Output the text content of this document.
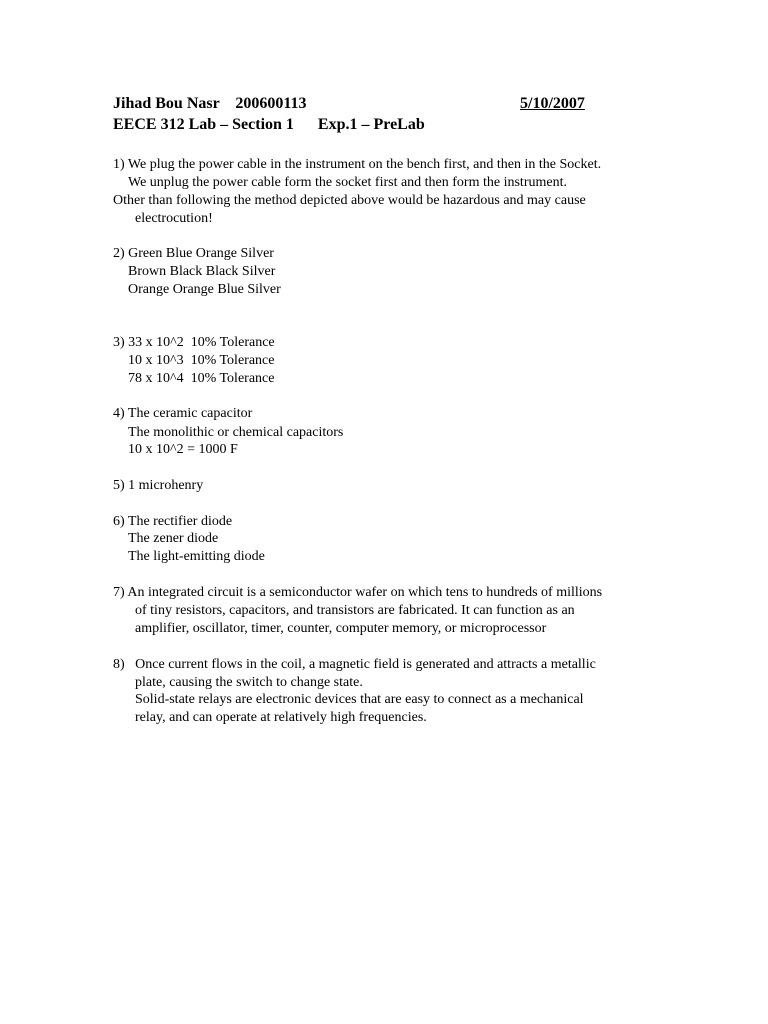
Jihad Bou Nasr 200600113	5/10/2007
EECE 312 Lab – Section 1 Exp.1 – PreLab
1) We plug the power cable in the instrument on the bench first, and then in the Socket.
We unplug the power cable form the socket first and then form the instrument.
Other than following the method depicted above would be hazardous and may cause
electrocution!
2) Green Blue Orange Silver
Brown Black Black Silver
Orange Orange Blue Silver
3) 33 x 10^2  10% Tolerance
10 x 10^3  10% Tolerance
78 x 10^4  10% Tolerance
4) The ceramic capacitor
The monolithic or chemical capacitors
10 x 10^2 = 1000 F
5) 1 microhenry
6) The rectifier diode
The zener diode
The light-emitting diode
7) An integrated circuit is a semiconductor wafer on which tens to hundreds of millions
of tiny resistors, capacitors, and transistors are fabricated. It can function as an
amplifier, oscillator, timer, counter, computer memory, or microprocessor
8)   Once current flows in the coil, a magnetic field is generated and attracts a metallic
plate, causing the switch to change state.
Solid-state relays are electronic devices that are easy to connect as a mechanical
relay, and can operate at relatively high frequencies.
